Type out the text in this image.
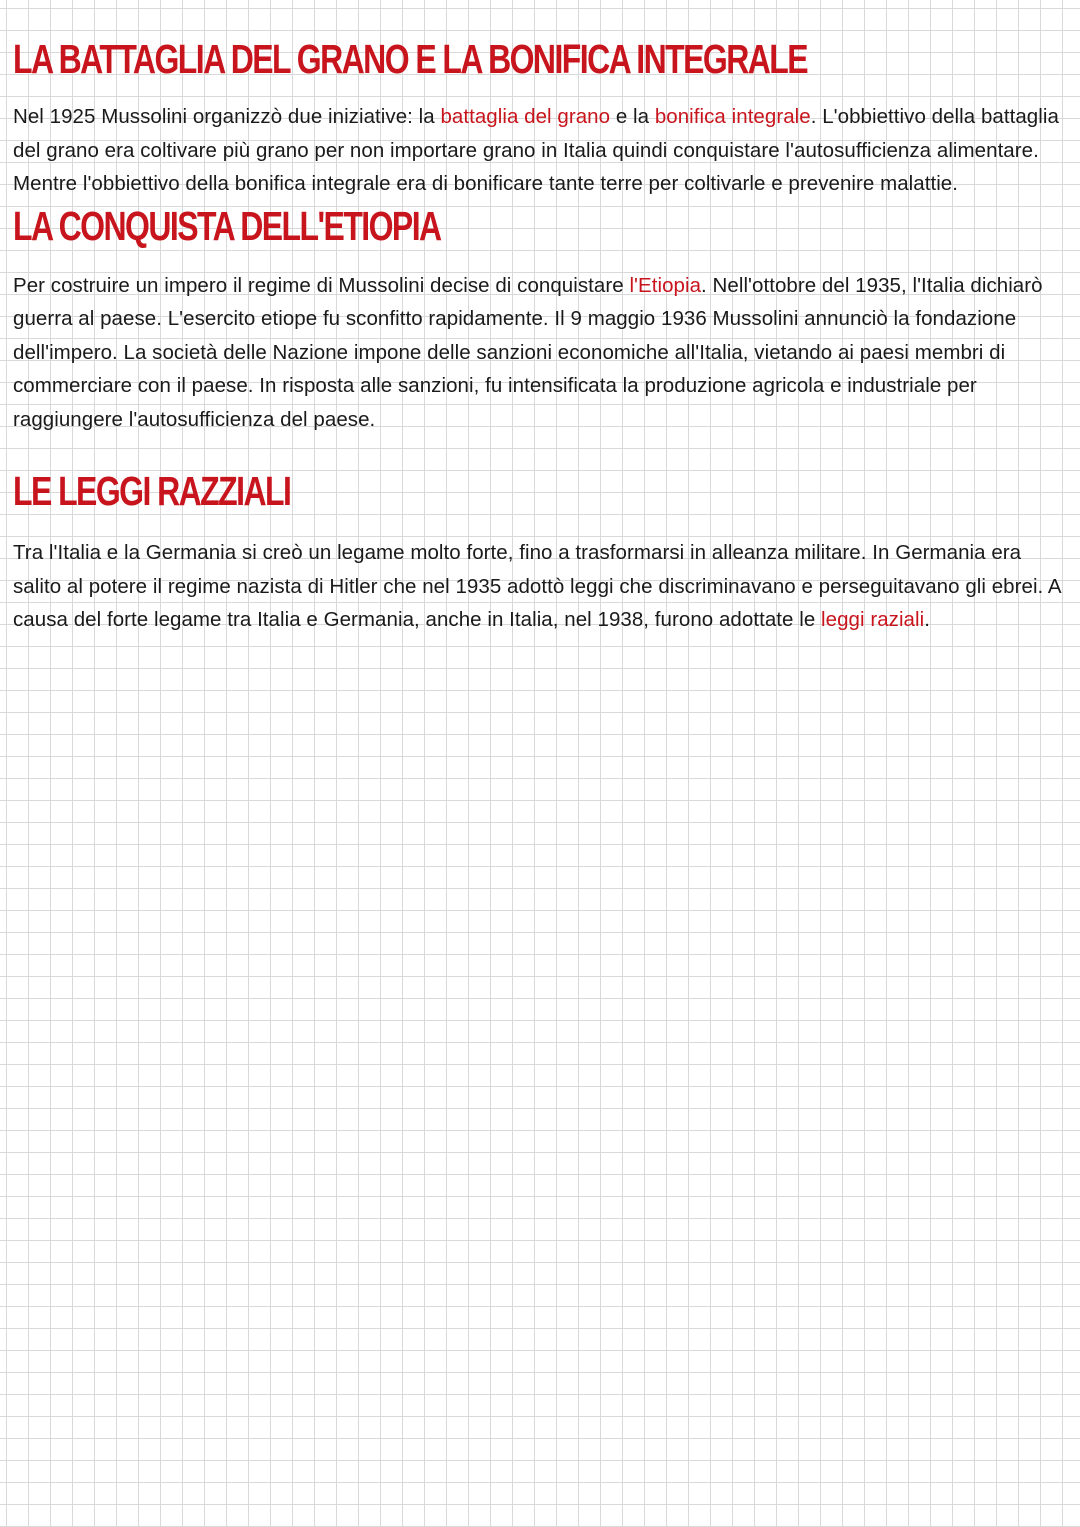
LA BATTAGLIA DEL GRANO E LA BONIFICA INTEGRALE

Nel 1925 Mussolini organizzò due iniziative: la battaglia del grano e la bonifica integrale. L'obbiettivo della battaglia del grano era coltivare più grano per non importare grano in Italia quindi conquistare l'autosufficienza alimentare. Mentre l'obbiettivo della bonifica integrale era di bonificare tante terre per coltivarle e prevenire malattie.

LA CONQUISTA DELL'ETIOPIA

Per costruire un impero il regime di Mussolini decise di conquistare l'Etiopia. Nell'ottobre del 1935, l'Italia dichiarò guerra al paese. L'esercito etiope fu sconfitto rapidamente. Il 9 maggio 1936 Mussolini annunciò la fondazione dell'impero. La società delle Nazione impone delle sanzioni economiche all'Italia, vietando ai paesi membri di commerciare con il paese. In risposta alle sanzioni, fu intensificata la produzione agricola e industriale per raggiungere l'autosufficienza del paese.

LE LEGGI RAZZIALI

Tra l'Italia e la Germania si creò un legame molto forte, fino a trasformarsi in alleanza militare. In Germania era salito al potere il regime nazista di Hitler che nel 1935 adottò leggi che discriminavano e perseguitavano gli ebrei. A causa del forte legame tra Italia e Germania, anche in Italia, nel 1938, furono adottate le leggi raziali.
